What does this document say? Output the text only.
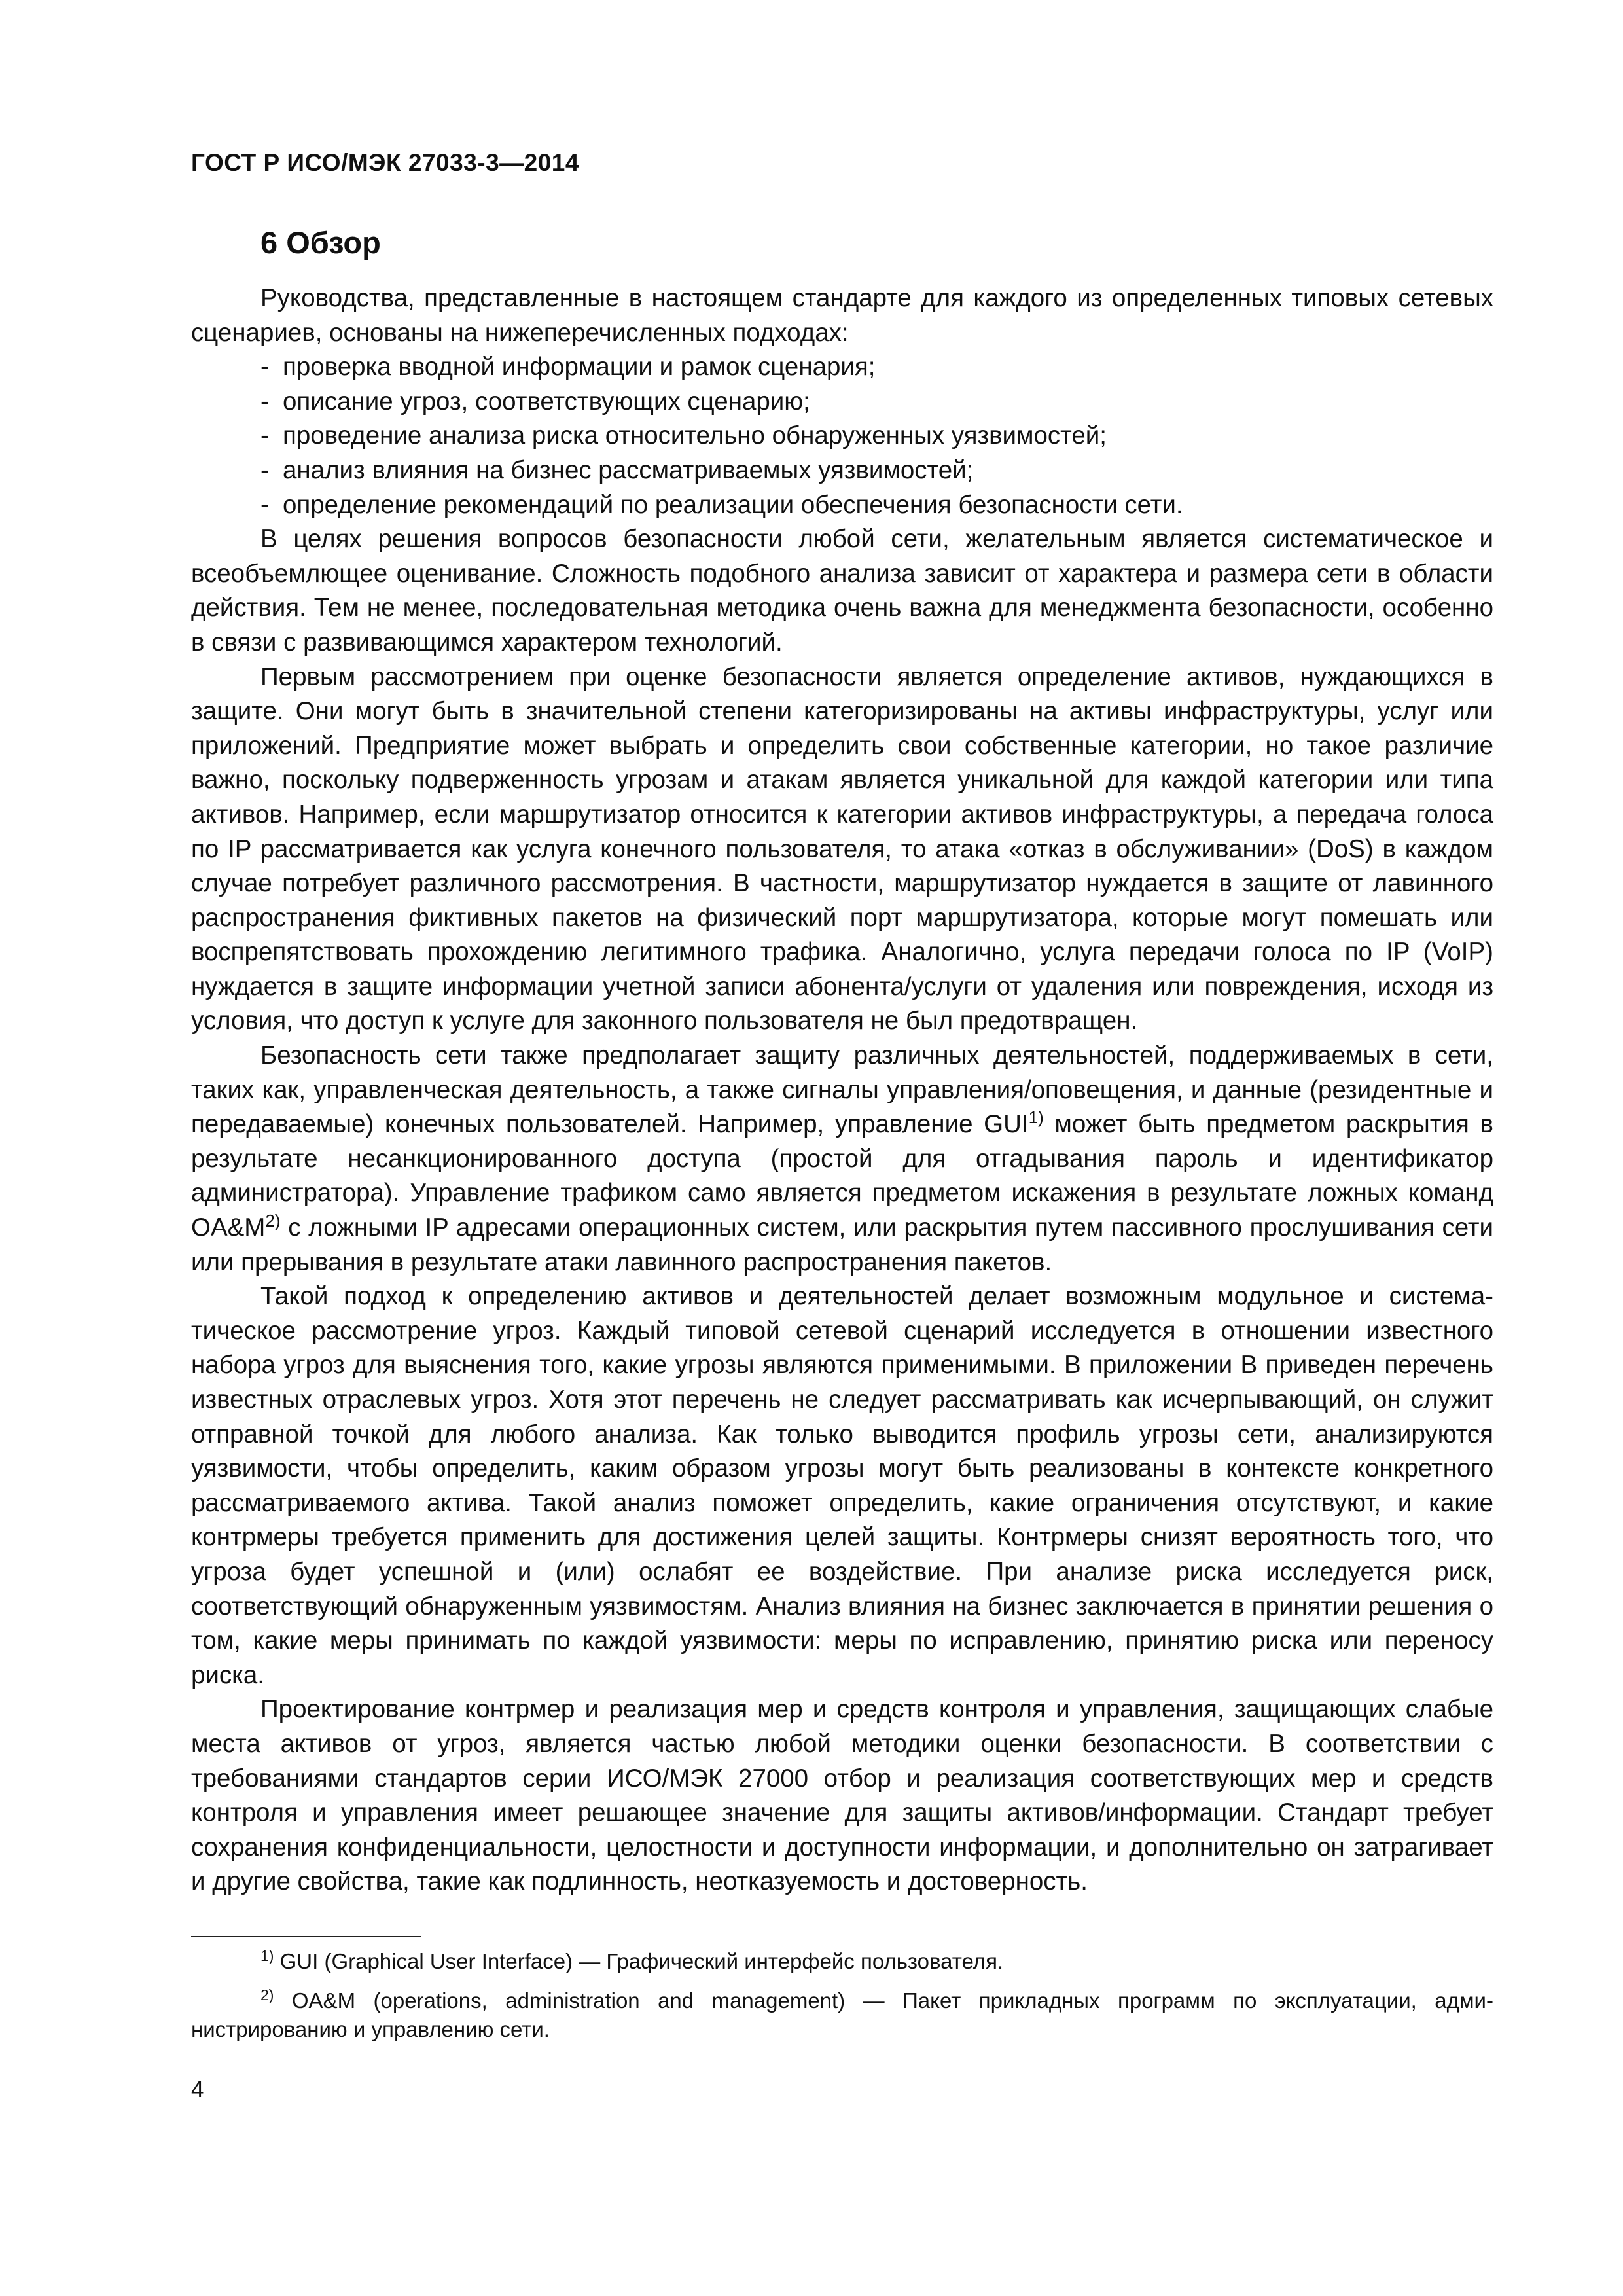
ГОСТ Р ИСО/МЭК 27033-3—2014
6 Обзор

Руководства, представленные в настоящем стандарте для каждого из определенных типовых сетевых сценариев, основаны на нижеперечисленных подходах:

- проверка вводной информации и рамок сценария;
- описание угроз, соответствующих сценарию;
- проведение анализа риска относительно обнаруженных уязвимостей;
- анализ влияния на бизнес рассматриваемых уязвимостей;
- определение рекомендаций по реализации обеспечения безопасности сети.

В целях решения вопросов безопасности любой сети, желательным является систематическое и всеобъемлющее оценивание. Сложность подобного анализа зависит от характера и размера сети в области действия. Тем не менее, последовательная методика очень важна для менеджмента безопасности, особенно в связи с развивающимся характером технологий.

Первым рассмотрением при оценке безопасности является определение активов, нуждающихся в защите. Они могут быть в значительной степени категоризированы на активы инфраструктуры, услуг или приложений. Предприятие может выбрать и определить свои собственные категории, но такое различие важно, поскольку подверженность угрозам и атакам является уникальной для каждой категории или типа активов. Например, если маршрутизатор относится к категории активов инфраструктуры, а передача голоса по IP рассматривается как услуга конечного пользователя, то атака «отказ в обслуживании» (DoS) в каждом случае потребует различного рассмотрения. В частности, маршрутизатор нуждается в защите от лавинного распространения фиктивных пакетов на физический порт маршрутизатора, которые могут помешать или воспрепятствовать прохождению легитимного трафика. Аналогично, услуга передачи голоса по IP (VoIP) нуждается в защите информации учетной записи абонента/услуги от удаления или повреждения, исходя из условия, что доступ к услуге для законного пользователя не был предотвращен.

Безопасность сети также предполагает защиту различных деятельностей, поддерживаемых в сети, таких как, управленческая деятельность, а также сигналы управления/оповещения, и данные (резидентные и передаваемые) конечных пользователей. Например, управление GUI$^{1)}$ может быть предметом раскрытия в результате несанкционированного доступа (простой для отгадывания пароль и идентификатор администратора). Управление трафиком само является предметом искажения в результате ложных команд $OA\&M^{2)}$ с ложными IP адресами операционных систем, или раскрытия путем пассивного прослушивания сети или прерывания в результате атаки лавинного распространения пакетов.

Такой подход к определению активов и деятельностей делает возможным модульное и систематическое рассмотрение угроз. Каждый типовой сетевой сценарий исследуется в отношении известного набора угроз для выяснения того, какие угрозы являются применимыми. В приложении В приведен перечень известных отраслевых угроз. Хотя этот перечень не следует рассматривать как исчерпывающий, он служит отправной точкой для любого анализа. Как только выводится профиль угрозы сети, анализируются уязвимости, чтобы определить, каким образом угрозы могут быть реализованы в контексте конкретного рассматриваемого актива. Такой анализ поможет определить, какие ограничения отсутствуют, и какие контрмеры требуется применить для достижения целей защиты. Контрмеры снизят вероятность того, что угроза будет успешной и (или) ослабят ее воздействие. При анализе риска исследуется риск, соответствующий обнаруженным уязвимостям. Анализ влияния на бизнес заключается в принятии решения о том, какие меры принимать по каждой уязвимости: меры по исправлению, принятию риска или переносу риска.

Проектирование контрмер и реализация мер и средств контроля и управления, защищающих слабые места активов от угроз, является частью любой методики оценки безопасности. В соответствии с требованиями стандартов серии ИСО/МЭК 27000 отбор и реализация соответствующих мер и средств контроля и управления имеет решающее значение для защиты активов/информации. Стандарт требует сохранения конфиденциальности, целостности и доступности информации, и дополнительно он затрагивает и другие свойства, такие как подлинность, неотказуемость и достоверность.

$^{1)}$ GUI (Graphical User Interface) — Графический интерфейс пользователя.

$^{2)}$ OA&M (operations, administration and management) — Пакет прикладных программ по эксплуатации, администрированию и управлению сети.

4
